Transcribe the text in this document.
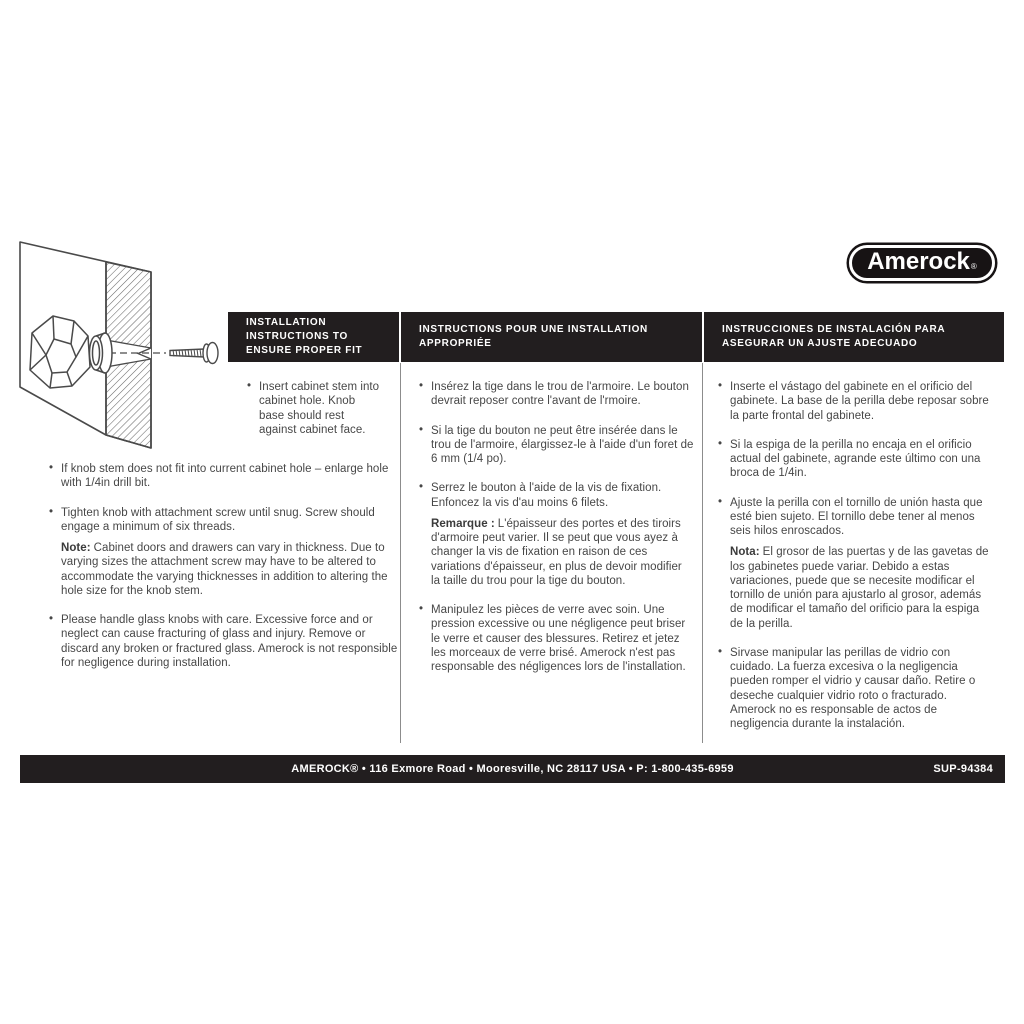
Amerock ®
INSTALLATION INSTRUCTIONS TO ENSURE PROPER FIT
INSTRUCTIONS POUR UNE INSTALLATION APPROPRIÉE
INSTRUCCIONES DE INSTALACIÓN PARA ASEGURAR UN AJUSTE ADECUADO
• Insert cabinet stem into cabinet hole. Knob base should rest against cabinet face.
• If knob stem does not fit into current cabinet hole – enlarge hole with 1/4in drill bit.
• Tighten knob with attachment screw until snug. Screw should engage a minimum of six threads.
Note: Cabinet doors and drawers can vary in thickness. Due to varying sizes the attachment screw may have to be altered to accommodate the varying thicknesses in addition to altering the hole size for the knob stem.
• Please handle glass knobs with care. Excessive force and or neglect can cause fracturing of glass and injury. Remove or discard any broken or fractured glass. Amerock is not responsible for negligence during installation.
• Insérez la tige dans le trou de l'armoire. Le bouton devrait reposer contre l'avant de l'rmoire.
• Si la tige du bouton ne peut être insérée dans le trou de l'armoire, élargissez-le à l'aide d'un foret de 6 mm (1/4 po).
• Serrez le bouton à l'aide de la vis de fixation. Enfoncez la vis d'au moins 6 filets.
Remarque : L'épaisseur des portes et des tiroirs d'armoire peut varier. Il se peut que vous ayez à changer la vis de fixation en raison de ces variations d'épaisseur, en plus de devoir modifier la taille du trou pour la tige du bouton.
• Manipulez les pièces de verre avec soin. Une pression excessive ou une négligence peut briser le verre et causer des blessures. Retirez et jetez les morceaux de verre brisé. Amerock n'est pas responsable des négligences lors de l'installation.
• Inserte el vástago del gabinete en el orificio del gabinete. La base de la perilla debe reposar sobre la parte frontal del gabinete.
• Si la espiga de la perilla no encaja en el orificio actual del gabinete, agrande este último con una broca de 1/4in.
• Ajuste la perilla con el tornillo de unión hasta que esté bien sujeto. El tornillo debe tener al menos seis hilos enroscados.
Nota: El grosor de las puertas y de las gavetas de los gabinetes puede variar. Debido a estas variaciones, puede que se necesite modificar el tornillo de unión para ajustarlo al grosor, además de modificar el tamaño del orificio para la espiga de la perilla.
• Sirvase manipular las perillas de vidrio con cuidado. La fuerza excesiva o la negligencia pueden romper el vidrio y causar daño. Retire o deseche cualquier vidrio roto o fracturado. Amerock no es responsable de actos de negligencia durante la instalación.
AMEROCK® • 116 Exmore Road • Mooresville, NC 28117 USA • P: 1-800-435-6959	SUP-94384
